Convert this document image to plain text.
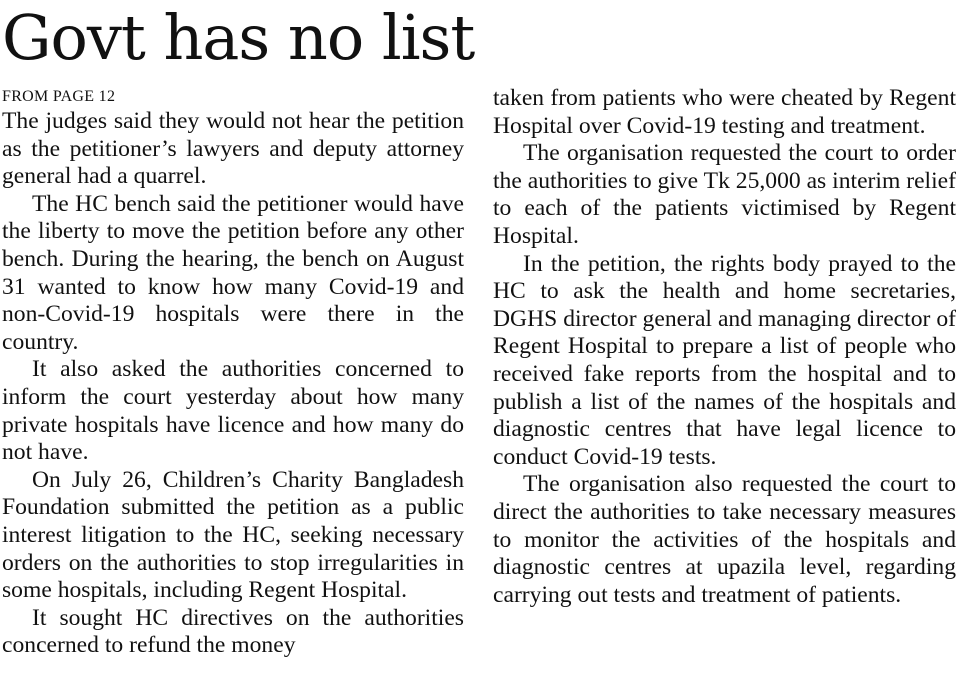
Govt has no list
FROM PAGE 12

The judges said they would not hear the petition as the petitioner’s lawyers and deputy attorney general had a quarrel.

The HC bench said the petitioner would have the liberty to move the petition before any other bench. During the hearing, the bench on August 31 wanted to know how many Covid-19 and non-Covid-19 hospitals were there in the country.

It also asked the authorities concerned to inform the court yesterday about how many private hospitals have licence and how many do not have.

On July 26, Children’s Charity Bangladesh Foundation submitted the petition as a public interest litigation to the HC, seeking necessary orders on the authorities to stop irregularities in some hospitals, including Regent Hospital.

It sought HC directives on the authorities concerned to refund the money

taken from patients who were cheated by Regent Hospital over Covid-19 testing and treatment.

The organisation requested the court to order the authorities to give Tk 25,000 as interim relief to each of the patients victimised by Regent Hospital.

In the petition, the rights body prayed to the HC to ask the health and home secretaries, DGHS director general and managing director of Regent Hospital to prepare a list of people who received fake reports from the hospital and to publish a list of the names of the hospitals and diagnostic centres that have legal licence to conduct Covid-19 tests.

The organisation also requested the court to direct the authorities to take necessary measures to monitor the activities of the hospitals and diagnostic centres at upazila level, regarding carrying out tests and treatment of patients.
